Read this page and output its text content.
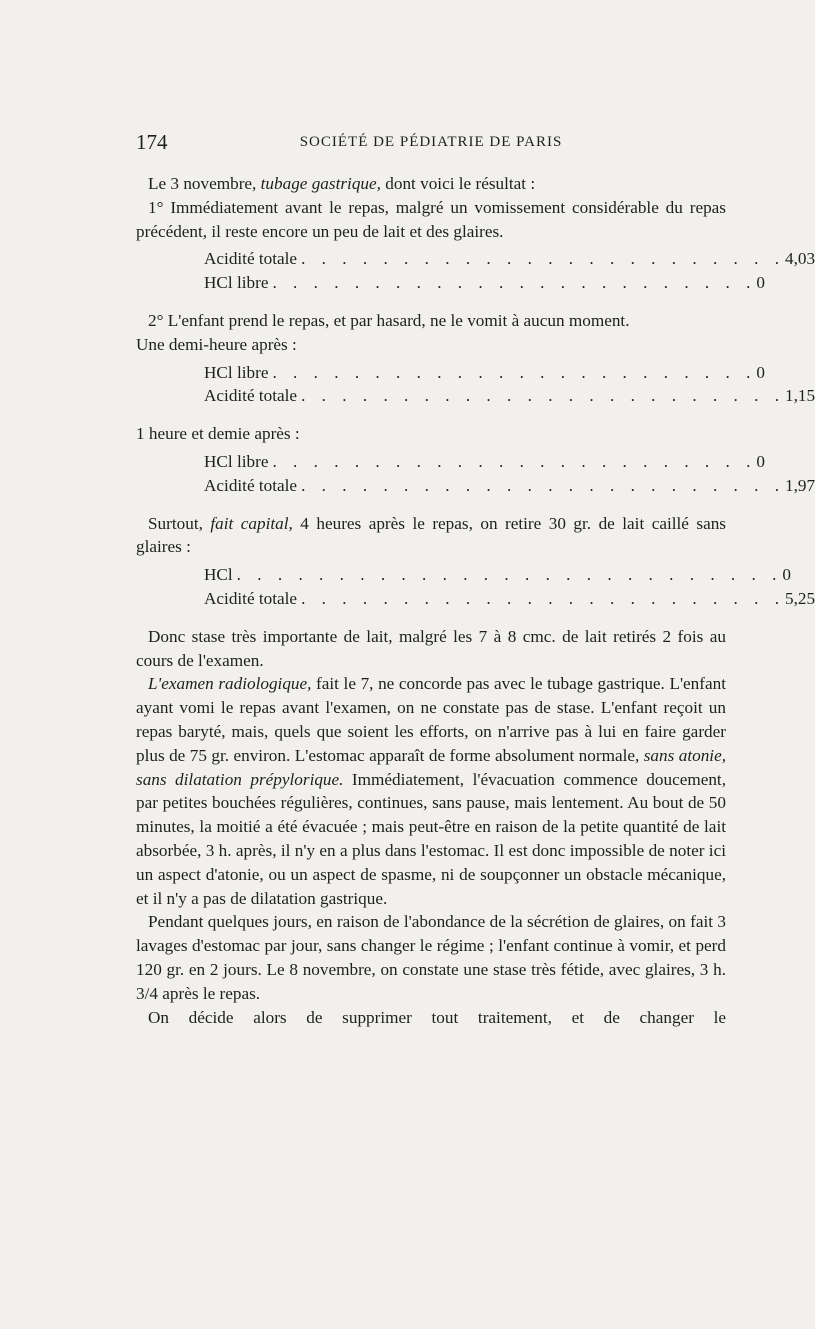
174	SOCIÉTÉ DE PÉDIATRIE DE PARIS

Le 3 novembre, tubage gastrique, dont voici le résultat :

1° Immédiatement avant le repas, malgré un vomissement considérable du repas précédent, il reste encore un peu de lait et des glaires.

Acidité totale . . . . . . . . . . . . . . . . . . . . . . . . 4,03
HCl libre . . . . . . . . . . . . . . . . . . . . . . . . 0

2° L'enfant prend le repas, et par hasard, ne le vomit à aucun moment.

Une demi-heure après :

HCl libre . . . . . . . . . . . . . . . . . . . . . . . . 0
Acidité totale . . . . . . . . . . . . . . . . . . . . . . . . 1,15

1 heure et demie après :

HCl libre . . . . . . . . . . . . . . . . . . . . . . . . 0
Acidité totale . . . . . . . . . . . . . . . . . . . . . . . . 1,97

Surtout, fait capital, 4 heures après le repas, on retire 30 gr. de lait caillé sans glaires :

HCl . . . . . . . . . . . . . . . . . . . . . . . . . . . 0
Acidité totale . . . . . . . . . . . . . . . . . . . . . . . . 5,25

Donc stase très importante de lait, malgré les 7 à 8 cmc. de lait retirés 2 fois au cours de l'examen.

L'examen radiologique, fait le 7, ne concorde pas avec le tubage gastrique. L'enfant ayant vomi le repas avant l'examen, on ne constate pas de stase. L'enfant reçoit un repas baryté, mais, quels que soient les efforts, on n'arrive pas à lui en faire garder plus de 75 gr. environ. L'estomac apparaît de forme absolument normale, sans atonie, sans dilatation prépylorique. Immédiatement, l'évacuation commence doucement, par petites bouchées régulières, continues, sans pause, mais lentement. Au bout de 50 minutes, la moitié a été évacuée ; mais peut-être en raison de la petite quantité de lait absorbée, 3 h. après, il n'y en a plus dans l'estomac. Il est donc impossible de noter ici un aspect d'atonie, ou un aspect de spasme, ni de soupçonner un obstacle mécanique, et il n'y a pas de dilatation gastrique.

Pendant quelques jours, en raison de l'abondance de la sécrétion de glaires, on fait 3 lavages d'estomac par jour, sans changer le régime ; l'enfant continue à vomir, et perd 120 gr. en 2 jours. Le 8 novembre, on constate une stase très fétide, avec glaires, 3 h. 3/4 après le repas.

On décide alors de supprimer tout traitement, et de changer le
